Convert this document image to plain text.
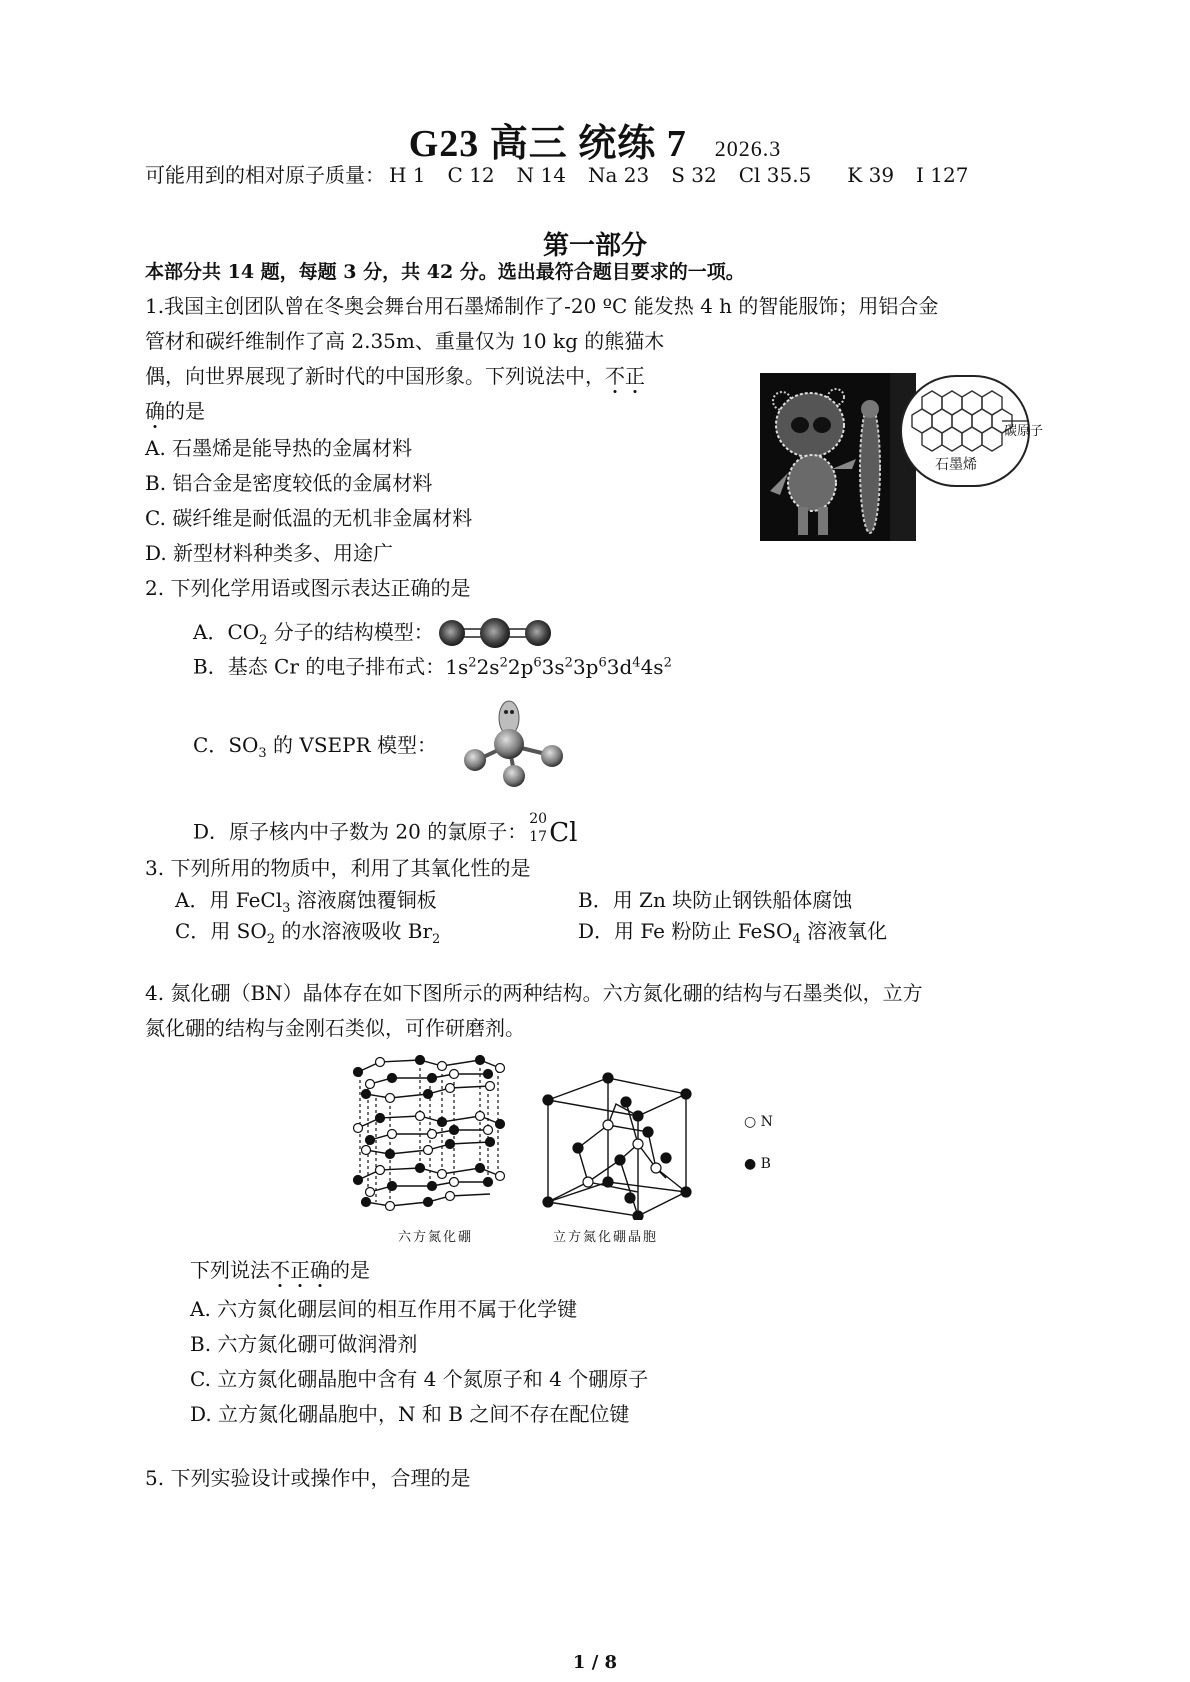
G23 高三 统练 7 2026.3
可能用到的相对原子质量： H 1 C 12 N 14 Na 23 S 32 Cl 35.5 K 39 I 127
第一部分
本部分共 14 题，每题 3 分，共 42 分。选出最符合题目要求的一项。
1.我国主创团队曾在冬奥会舞台用石墨烯制作了-20 ºC 能发热 4 h 的智能服饰；用铝合金
管材和碳纤维制作了高 2.35m、重量仅为 10 kg 的熊猫木
偶，向世界展现了新时代的中国形象。下列说法中，不正
确的是
碳原子
石墨烯
A. 石墨烯是能导热的金属材料
B. 铝合金是密度较低的金属材料
C. 碳纤维是耐低温的无机非金属材料
D. 新型材料种类多、用途广
2. 下列化学用语或图示表达正确的是
A．$CO_2$ 分子的结构模型：
B．基态 Cr 的电子排布式：$1s^22s^22p^63s^23p^63d^44s^2$
C．$SO_3$ 的 VSEPR 模型：
D．原子核内中子数为 20 的氯原子：
20
17 Cl
3. 下列所用的物质中，利用了其氧化性的是
A．用 FeCl$_3$ 溶液腐蚀覆铜板	B．用 Zn 块防止钢铁船体腐蚀
C．用 $SO_2$ 的水溶液吸收 $Br_2$	D．用 Fe 粉防止 FeSO$_4$ 溶液氧化
4. 氮化硼（BN）晶体存在如下图所示的两种结构。六方氮化硼的结构与石墨类似，立方
氮化硼的结构与金刚石类似，可作研磨剂。
六方氮化硼	立方氮化硼晶胞
○ N
● B
下列说法不正确的是
A. 六方氮化硼层间的相互作用不属于化学键
B. 六方氮化硼可做润滑剂
C. 立方氮化硼晶胞中含有 4 个氮原子和 4 个硼原子
D. 立方氮化硼晶胞中，N 和 B 之间不存在配位键
5. 下列实验设计或操作中，合理的是
1 / 8
